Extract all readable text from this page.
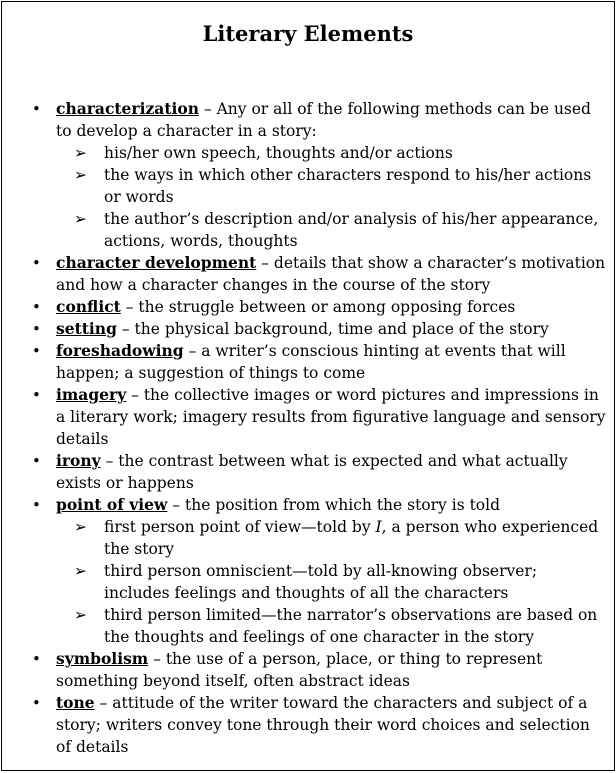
Literary Elements
• characterization – Any or all of the following methods can be used to develop a character in a story:
➢ his/her own speech, thoughts and/or actions
➢ the ways in which other characters respond to his/her actions or words
➢ the author’s description and/or analysis of his/her appearance, actions, words, thoughts
• character development – details that show a character’s motivation and how a character changes in the course of the story
• conflict – the struggle between or among opposing forces
• setting – the physical background, time and place of the story
• foreshadowing – a writer’s conscious hinting at events that will happen; a suggestion of things to come
• imagery – the collective images or word pictures and impressions in a literary work; imagery results from figurative language and sensory details
• irony – the contrast between what is expected and what actually exists or happens
• point of view – the position from which the story is told
➢ first person point of view—told by I, a person who experienced the story
➢ third person omniscient—told by all-knowing observer; includes feelings and thoughts of all the characters
➢ third person limited—the narrator’s observations are based on the thoughts and feelings of one character in the story
• symbolism – the use of a person, place, or thing to represent something beyond itself, often abstract ideas
• tone – attitude of the writer toward the characters and subject of a story; writers convey tone through their word choices and selection of details
